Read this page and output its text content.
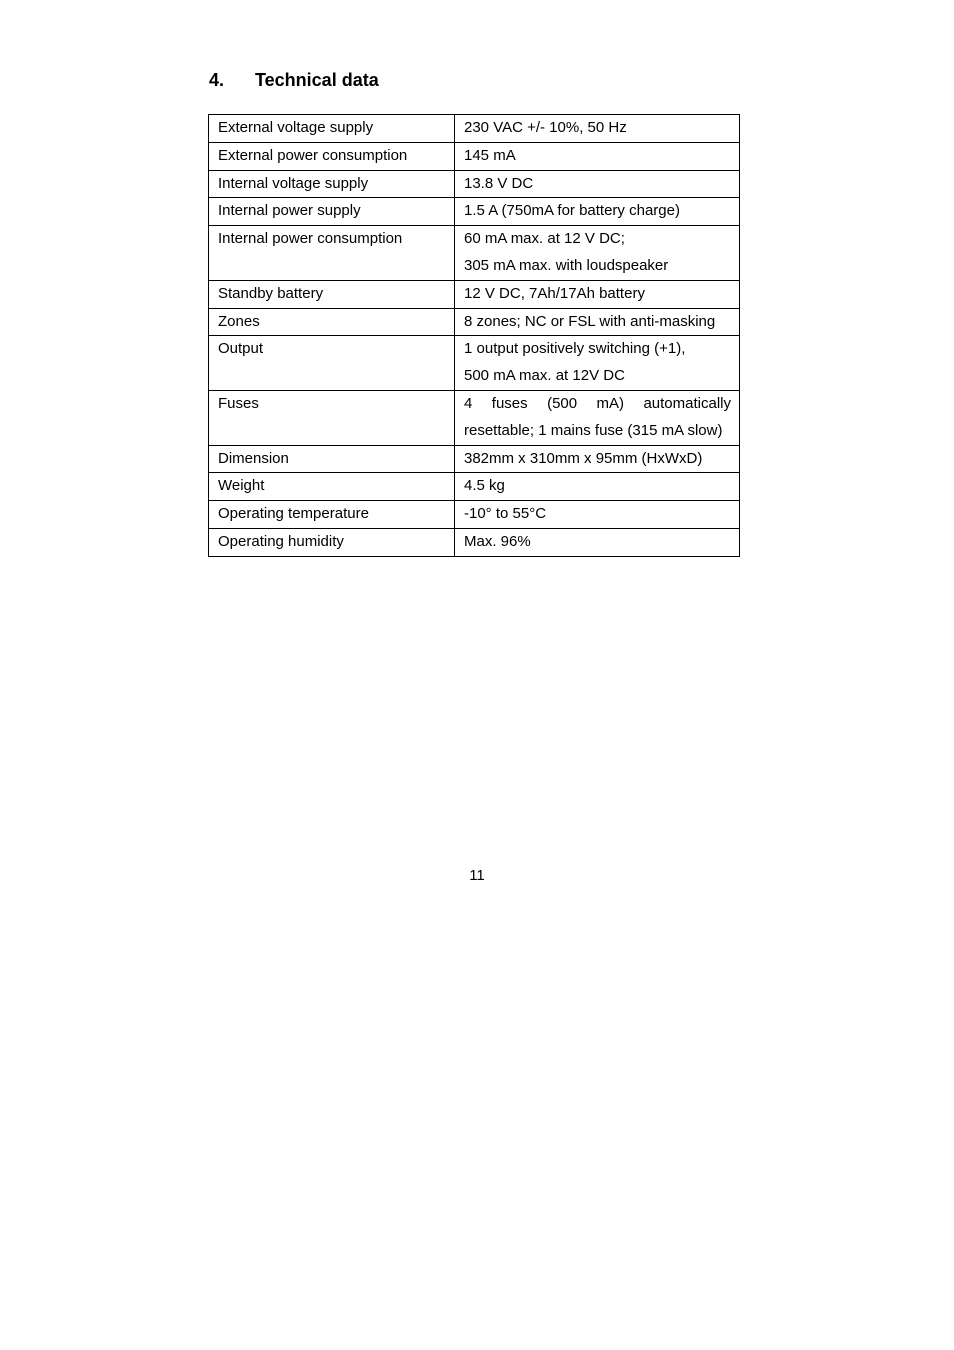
4. Technical data
External voltage supply	230 VAC +/- 10%, 50 Hz

External power consumption	145 mA

Internal voltage supply	13.8 V DC

Internal power supply	1.5 A (750mA for battery charge)

Internal power consumption	60 mA max. at 12 V DC;
305 mA max. with loudspeaker

Standby battery	12 V DC, 7Ah/17Ah battery

Zones	8 zones; NC or FSL with anti-masking

Output	1 output positively switching (+1),
500 mA max. at 12V DC

Fuses	4 fuses (500 mA) automatically resettable; 1 mains fuse (315 mA slow)

Dimension	382mm x 310mm x 95mm (HxWxD)

Weight	4.5 kg

Operating temperature	-10° to 55°C

Operating humidity	Max. 96%
11
